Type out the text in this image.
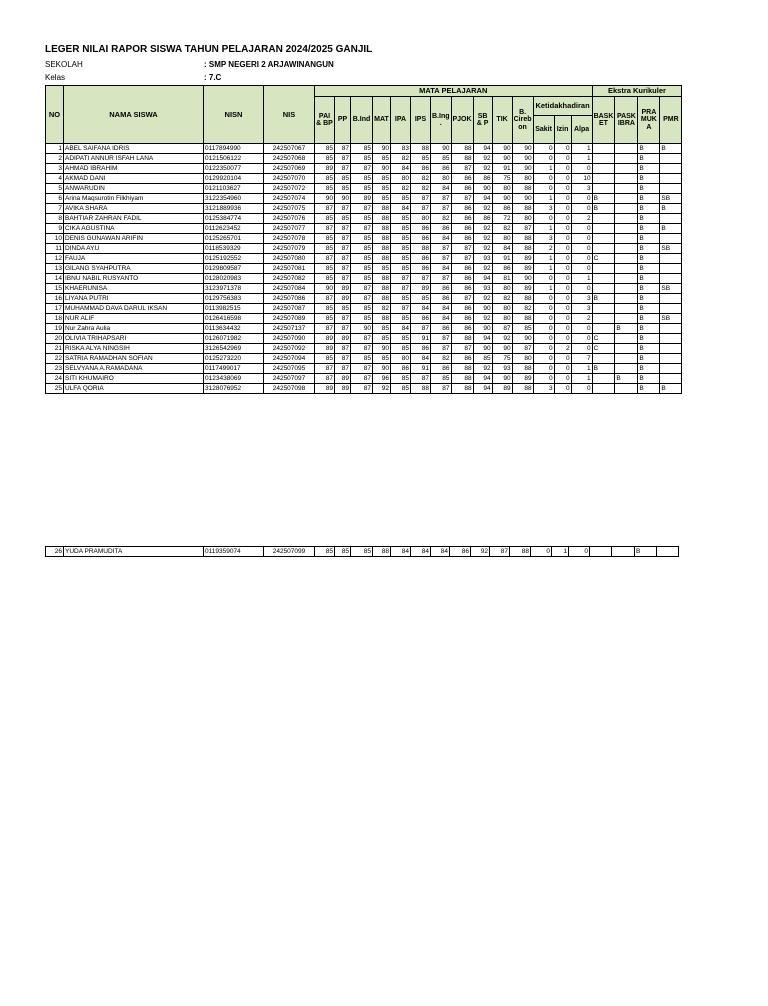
LEGER NILAI RAPOR SISWA TAHUN PELAJARAN 2024/2025 GANJIL
SEKOLAH	: SMP NEGERI 2 ARJAWINANGUN
Kelas	: 7.C
NO	NAMA SISWA	NISN	NIS	MATA PELAJARAN														Ekstra Kurikuler			
				PAI & BP	PP	B.Ind	MAT	IPA	IPS	B.Ing .	PJOK	SB & P	TIK	B. Cireb on	Ketidakhadiran			BASK ET	PASK IBRA	PRA MUK A	PMR
															Sakit	Izin	Alpa				
1	ABEL SAIFANA IDRIS	0117894990	242507067	85	87	85	90	83	88	90	88	94	90	90	0	0	1			B	B
2	ADIPATI ANNUR ISFAH LANA	0121506122	242507068	85	87	85	85	82	85	85	88	92	90	90	0	0	1			B	
3	AHMAD IBRAHIM	0122350077	242507069	89	87	87	90	84	86	86	87	92	91	90	1	0	0			B	
4	AKMAD DANI	0129920104	242507070	85	85	85	85	80	82	80	86	86	75	80	0	0	10			B	
5	ANWARUDIN	0121103627	242507072	85	85	85	85	82	82	84	86	90	80	88	0	0	3			B	
6	Arina Maqsurotin Filkhiyam	3122354960	242507074	90	90	89	85	85	87	87	87	94	90	90	1	0	0	B		B	SB
7	AVIKA SHARA	3121889936	242507075	87	87	87	88	84	87	87	86	92	86	88	3	0	0	B		B	B
8	BAHTIAR ZAHRAN FADIL	0125384774	242507076	85	85	85	88	85	80	82	86	86	72	80	0	0	2			B	
9	CIKA AGUSTINA	0112623452	242507077	87	87	87	88	85	86	86	86	92	82	87	1	0	0			B	B
10	DENIS GUNAWAN ARIFIN	0125265701	242507078	85	87	85	88	85	86	84	86	92	80	88	3	0	0			B	
11	DINDA AYU	0118539329	242507079	85	87	85	88	85	88	87	87	92	84	88	2	0	0			B	SB
12	FAUJA	0125192552	242507080	87	87	85	88	85	86	87	87	93	91	89	1	0	0	C		B	
13	GILANG SYAHPUTRA	0129809587	242507081	85	87	85	85	85	86	84	86	92	86	89	1	0	0			B	
14	IBNU NABIL RUSYANTO	0128020983	242507082	85	87	85	88	87	87	87	86	94	81	90	0	0	1			B	
15	KHAERUNISA	3123971378	242507084	90	89	87	88	87	89	86	86	93	80	89	1	0	0			B	SB
16	LIYANA PUTRI	0129756383	242507086	87	89	87	88	85	85	86	87	92	82	88	0	0	3	B		B	
17	MUHAMMAD DAVA DARUL IKSAN	0113982515	242507087	85	85	85	82	87	84	84	86	90	80	82	0	0	3			B	
18	NUR ALIF	0126416598	242507089	85	87	85	88	85	86	84	86	92	80	88	0	0	2			B	SB
19	Nur Zahra Aulia	0113634432	242507137	87	87	90	85	84	87	86	86	90	87	85	0	0	0		B	B	
20	OLIVIA TRIHAPSARI	0126071982	242507090	89	89	87	85	85	91	87	88	94	92	90	0	0	0	C		B	
21	RISKA ALYA NINGSIH	3126542969	242507092	89	87	87	90	85	86	87	87	90	90	87	0	2	0	C		B	
22	SATRIA RAMADHAN SOFIAN	0125273220	242507094	85	87	85	85	80	84	82	86	85	75	80	0	0	7			B	
23	SELVYANA A.RAMADANA	0117499017	242507095	87	87	87	90	86	91	86	88	92	93	88	0	0	1	B		B	
24	SITI KHUMAIRO	0123438069	242507097	87	89	87	96	85	87	85	88	94	90	89	0	0	1		B	B	
25	ULFA QORIA	3128076952	242507098	89	89	87	92	85	88	87	88	94	89	88	3	0	0			B	B
26	YUDA PRAMUDITA	0119359074	242507099	85	85	85	88	84	84	84	86	92	87	88	0	1	0			B	
